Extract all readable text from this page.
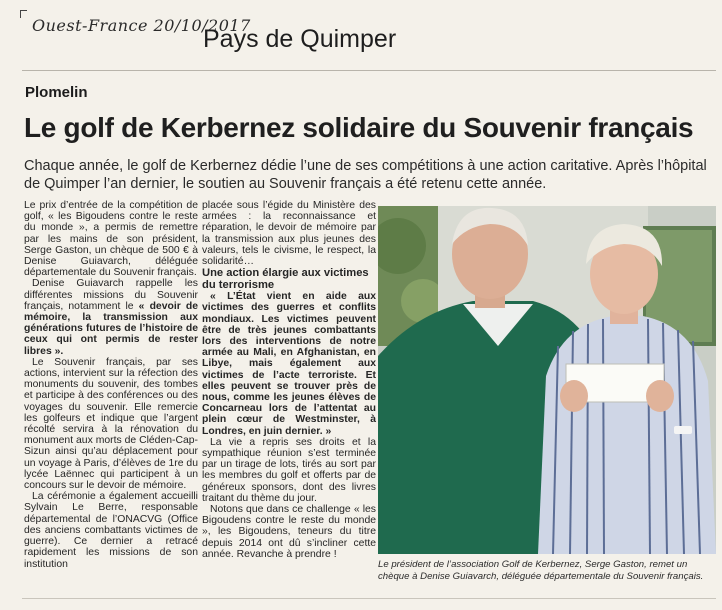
Ouest-France 20/10/2017
Pays de Quimper
Plomelin
Le golf de Kerbernez solidaire du Souvenir français
Chaque année, le golf de Kerbernez dédie l’une de ses compétitions à une action caritative. Après l’hôpital de Quimper l’an dernier, le soutien au Souvenir français a été retenu cette année.

Le prix d’entrée de la compétition de golf, « les Bigoudens contre le reste du monde », a permis de remettre par les mains de son président, Serge Gaston, un chèque de 500 € à Denise Guiavarch, déléguée départementale du Souvenir français.

Denise Guiavarch rappelle les différentes missions du Souvenir français, notamment le « devoir de mémoire, la transmission aux générations futures de l’histoire de ceux qui ont permis de rester libres ».

Le Souvenir français, par ses actions, intervient sur la réfection des monuments du souvenir, des tombes et participe à des conférences ou des voyages du souvenir. Elle remercie les golfeurs et indique que l’argent récolté servira à la rénovation du monument aux morts de Cléden-Cap-Sizun ainsi qu’au déplacement pour un voyage à Paris, d’élèves de 1re du lycée Laënnec qui participent à un concours sur le devoir de mémoire.

La cérémonie a également accueilli Sylvain Le Berre, responsable départemental de l’ONACVG (Office des anciens combattants victimes de guerre). Ce dernier a retracé rapidement les missions de son institution

placée sous l’égide du Ministère des armées : la reconnaissance et réparation, le devoir de mémoire par la transmission aux plus jeunes des valeurs, tels le civisme, le respect, la solidarité…

Une action élargie aux victimes du terrorisme

« L’État vient en aide aux victimes des guerres et conflits mondiaux. Les victimes peuvent être de très jeunes combattants lors des interventions de notre armée au Mali, en Afghanistan, en Libye, mais également aux victimes de l’acte terroriste. Et elles peuvent se trouver près de nous, comme les jeunes élèves de Concarneau lors de l’attentat au plein cœur de Westminster, à Londres, en juin dernier. »

La vie a repris ses droits et la sympathique réunion s’est terminée par un tirage de lots, tirés au sort par les membres du golf et offerts par de généreux sponsors, dont des livres traitant du thème du jour.

Notons que dans ce challenge « les Bigoudens contre le reste du monde », les Bigoudens, teneurs du titre depuis 2014 ont dû s’incliner cette année. Revanche à prendre !

Le président de l’association Golf de Kerbernez, Serge Gaston, remet un chèque à Denise Guiavarch, déléguée départementale du Souvenir français.
